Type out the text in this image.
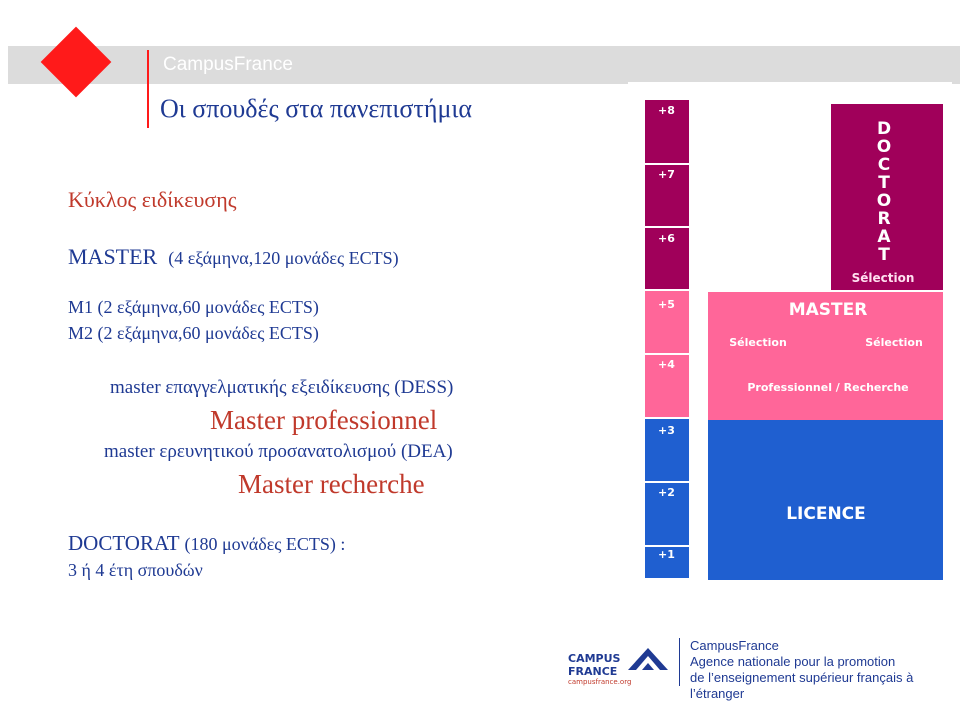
CampusFrance
Οι σπουδές στα πανεπιστήμια
Κύκλος ειδίκευσης
MASTER (4 εξάμηνα,120 μονάδες ECTS)
M1 (2 εξάμηνα,60 μονάδες ECTS)
M2 (2 εξάμηνα,60 μονάδες ECTS)
master επαγγελματικής εξειδίκευσης (DESS)
Master professionnel
master ερευνητικού προσανατολισμού (DEA)
Master recherche
DOCTORAT (180 μονάδες ECTS) :
3 ή 4 έτη σπουδών
+8
+7
+6
+5
+4
+3
+2
+1
D
O
C
T
O
R
A
T
Sélection
MASTER
Sélection	Sélection
Professionnel / Recherche
LICENCE
CAMPUS
FRANCE
campusfrance.org
CampusFrance
Agence nationale pour la promotion
de l’enseignement supérieur français à l’étranger
